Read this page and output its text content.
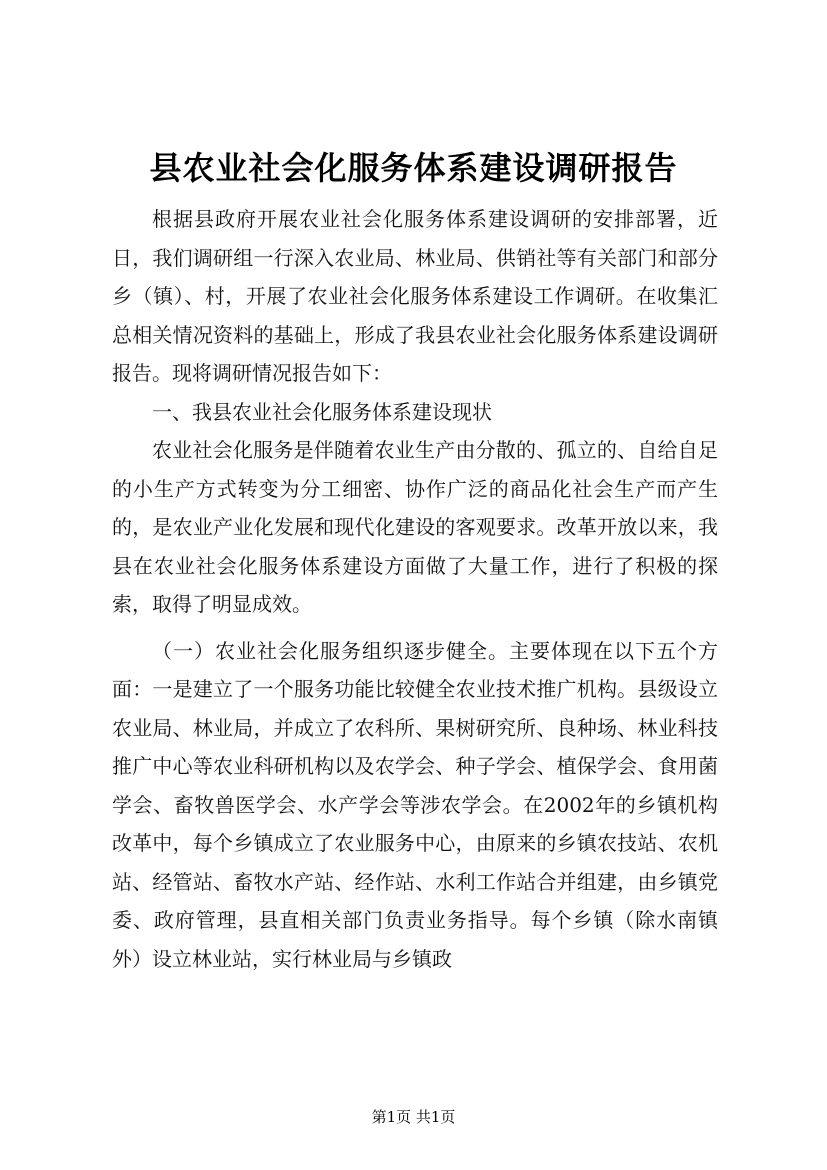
县农业社会化服务体系建设调研报告

根据县政府开展农业社会化服务体系建设调研的安排部署，近日，我们调研组一行深入农业局、林业局、供销社等有关部门和部分乡（镇）、村，开展了农业社会化服务体系建设工作调研。在收集汇总相关情况资料的基础上，形成了我县农业社会化服务体系建设调研报告。现将调研情况报告如下：

一、我县农业社会化服务体系建设现状

农业社会化服务是伴随着农业生产由分散的、孤立的、自给自足的小生产方式转变为分工细密、协作广泛的商品化社会生产而产生的，是农业产业化发展和现代化建设的客观要求。改革开放以来，我县在农业社会化服务体系建设方面做了大量工作，进行了积极的探索，取得了明显成效。

（一）农业社会化服务组织逐步健全。主要体现在以下五个方面：一是建立了一个服务功能比较健全农业技术推广机构。县级设立农业局、林业局，并成立了农科所、果树研究所、良种场、林业科技推广中心等农业科研机构以及农学会、种子学会、植保学会、食用菌学会、畜牧兽医学会、水产学会等涉农学会。在2002年的乡镇机构改革中，每个乡镇成立了农业服务中心，由原来的乡镇农技站、农机站、经管站、畜牧水产站、经作站、水利工作站合并组建，由乡镇党委、政府管理，县直相关部门负责业务指导。每个乡镇（除水南镇外）设立林业站，实行林业局与乡镇政

第1页 共1页
